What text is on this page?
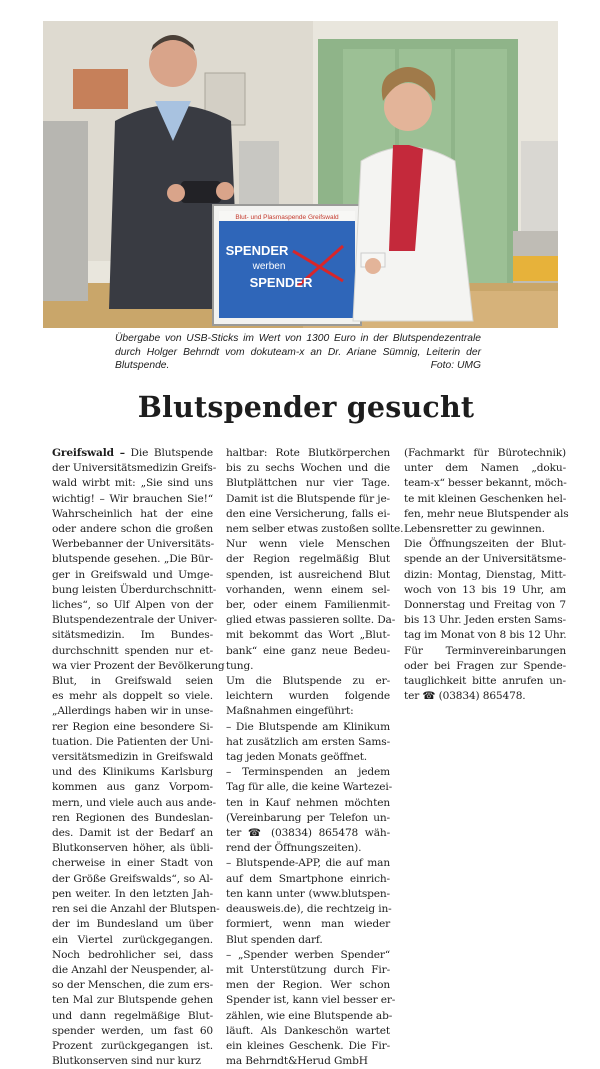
Blut- und Plasmaspende Greifswald
SPENDER
werben
SPENDER
Übergabe von USB-Sticks im Wert von 1300 Euro in der Blutspendezentrale durch Holger Behrndt vom dokuteam-x an Dr. Ariane Sümnig, Leiterin der Blutspende.	Foto: UMG
Blutspender gesucht
Greifswald – Die Blutspende
der Universitätsmedizin Greifs-
wald wirbt mit: „Sie sind uns
wichtig! – Wir brauchen Sie!“
Wahrscheinlich hat der eine
oder andere schon die großen
Werbebanner der Universitäts-
blutspende gesehen. „Die Bür-
ger in Greifswald und Umge-
bung leisten Überdurchschnitt-
liches“, so Ulf Alpen von der
Blutspendezentrale der Univer-
sitätsmedizin. Im Bundes-
durchschnitt spenden nur et-
wa vier Prozent der Bevölkerung
Blut, in Greifswald seien
es mehr als doppelt so viele.
„Allerdings haben wir in unse-
rer Region eine besondere Si-
tuation. Die Patienten der Uni-
versitätsmedizin in Greifswald
und des Klinikums Karlsburg
kommen aus ganz Vorpom-
mern, und viele auch aus ande-
ren Regionen des Bundeslan-
des. Damit ist der Bedarf an
Blutkonserven höher, als übli-
cherweise in einer Stadt von
der Größe Greifswalds“, so Al-
pen weiter. In den letzten Jah-
ren sei die Anzahl der Blutspen-
der im Bundesland um über
ein Viertel zurückgegangen.
Noch bedrohlicher sei, dass
die Anzahl der Neuspender, al-
so der Menschen, die zum ers-
ten Mal zur Blutspende gehen
und dann regelmäßige Blut-
spender werden, um fast 60
Prozent zurückgegangen ist.
Blutkonserven sind nur kurz
haltbar: Rote Blutkörperchen
bis zu sechs Wochen und die
Blutplättchen nur vier Tage.
Damit ist die Blutspende für je-
den eine Versicherung, falls ei-
nem selber etwas zustoßen sollte.
Nur wenn viele Menschen
der Region regelmäßig Blut
spenden, ist ausreichend Blut
vorhanden, wenn einem sel-
ber, oder einem Familienmit-
glied etwas passieren sollte. Da-
mit bekommt das Wort „Blut-
bank“ eine ganz neue Bedeu-
tung.
Um die Blutspende zu er-
leichtern wurden folgende
Maßnahmen eingeführt:
– Die Blutspende am Klinikum
hat zusätzlich am ersten Sams-
tag jeden Monats geöffnet.
– Terminspenden an jedem
Tag für alle, die keine Wartezei-
ten in Kauf nehmen möchten
(Vereinbarung per Telefon un-
ter ☎ (03834) 865478 wäh-
rend der Öffnungszeiten).
– Blutspende-APP, die auf man
auf dem Smartphone einrich-
ten kann unter (www.blutspen-
deausweis.de), die rechtzeig in-
formiert, wenn man wieder
Blut spenden darf.
– „Spender werben Spender“
mit Unterstützung durch Fir-
men der Region. Wer schon
Spender ist, kann viel besser er-
zählen, wie eine Blutspende ab-
läuft. Als Dankeschön wartet
ein kleines Geschenk. Die Fir-
ma Behrndt&Herud GmbH
(Fachmarkt für Bürotechnik)
unter dem Namen „doku-
team-x“ besser bekannt, möch-
te mit kleinen Geschenken hel-
fen, mehr neue Blutspender als
Lebensretter zu gewinnen.
Die Öffnungszeiten der Blut-
spende an der Universitätsme-
dizin: Montag, Dienstag, Mitt-
woch von 13 bis 19 Uhr, am
Donnerstag und Freitag von 7
bis 13 Uhr. Jeden ersten Sams-
tag im Monat von 8 bis 12 Uhr.
Für Terminvereinbarungen
oder bei Fragen zur Spende-
tauglichkeit bitte anrufen un-
ter ☎ (03834) 865478.
